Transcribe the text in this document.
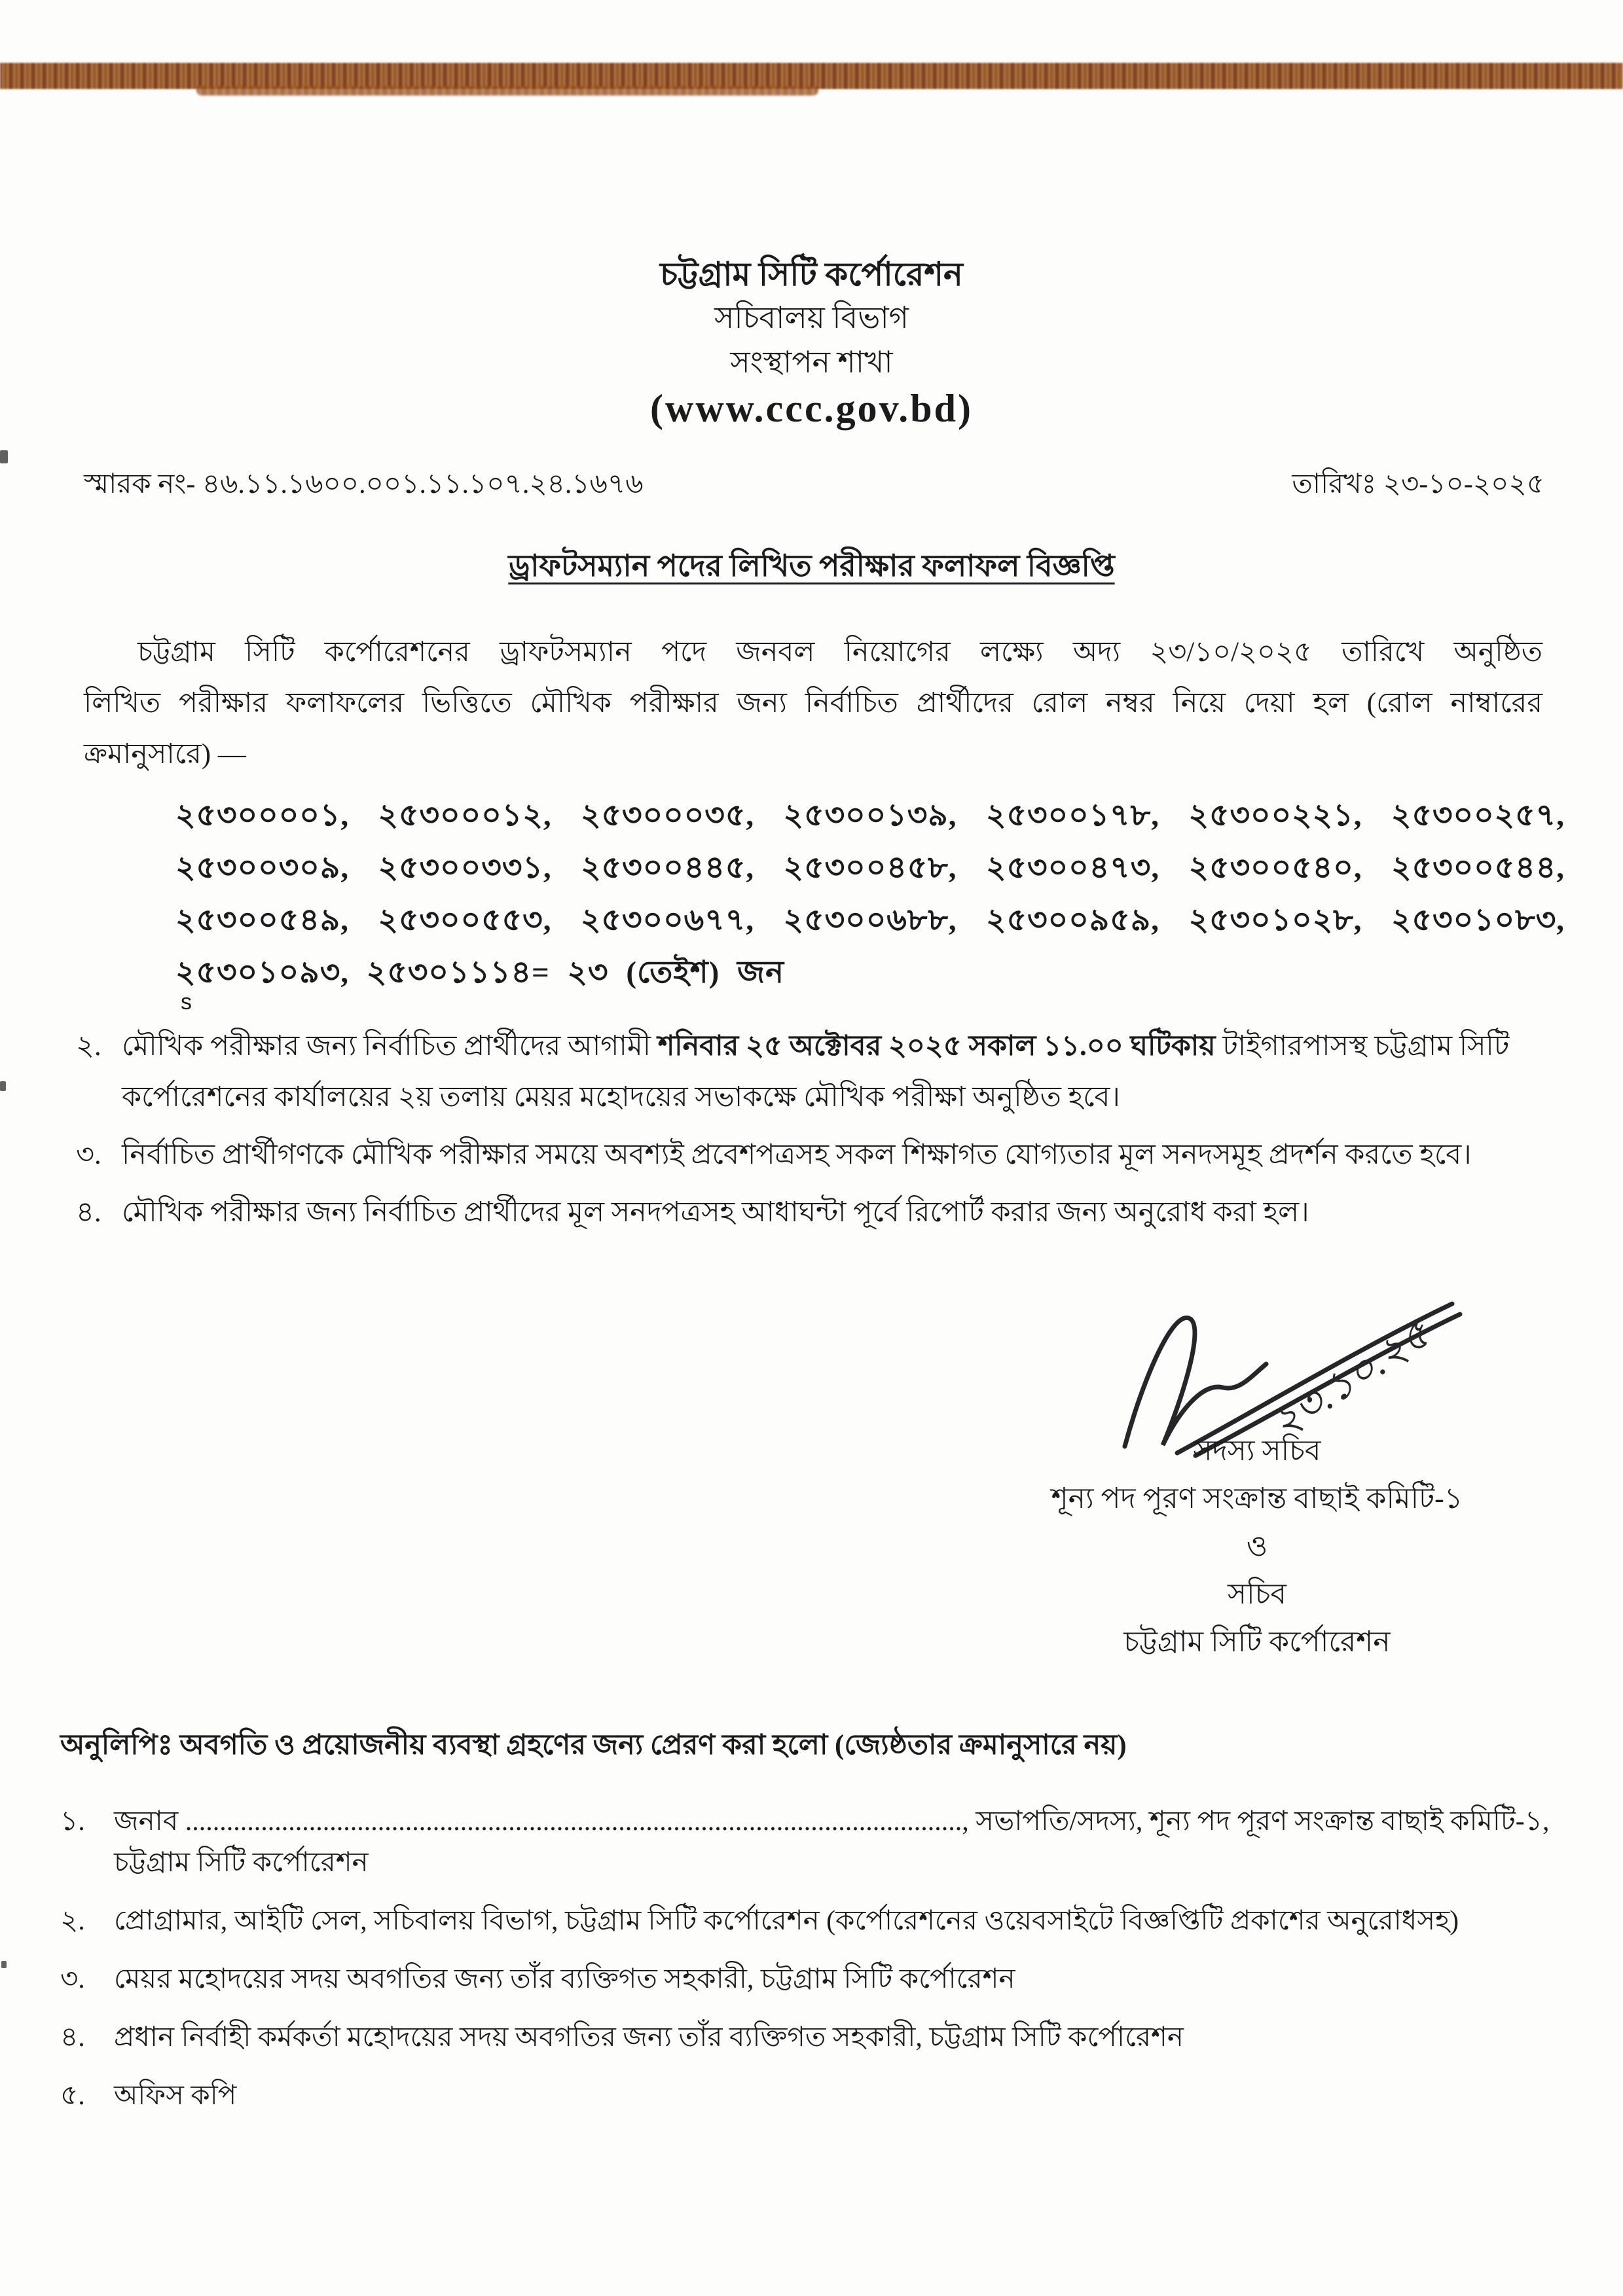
চট্টগ্রাম সিটি কর্পোরেশন
সচিবালয় বিভাগ
সংস্থাপন শাখা
(www.ccc.gov.bd)
স্মারক নং- ৪৬.১১.১৬০০.০০১.১১.১০৭.২৪.১৬৭৬	তারিখঃ ২৩-১০-২০২৫
ড্রাফটসম্যান পদের লিখিত পরীক্ষার ফলাফল বিজ্ঞপ্তি
চট্টগ্রাম সিটি কর্পোরেশনের ড্রাফটসম্যান পদে জনবল নিয়োগের লক্ষ্যে অদ্য ২৩/১০/২০২৫ তারিখে অনুষ্ঠিত
লিখিত পরীক্ষার ফলাফলের ভিত্তিতে মৌখিক পরীক্ষার জন্য নির্বাচিত প্রার্থীদের রোল নম্বর নিয়ে দেয়া হল (রোল নাম্বারের
ক্রমানুসারে) —
২৫৩০০০০১, ২৫৩০০০১২, ২৫৩০০০৩৫, ২৫৩০০১৩৯, ২৫৩০০১৭৮, ২৫৩০০২২১, ২৫৩০০২৫৭,
২৫৩০০৩০৯, ২৫৩০০৩৩১, ২৫৩০০৪৪৫, ২৫৩০০৪৫৮, ২৫৩০০৪৭৩, ২৫৩০০৫৪০, ২৫৩০০৫৪৪,
২৫৩০০৫৪৯, ২৫৩০০৫৫৩, ২৫৩০০৬৭৭, ২৫৩০০৬৮৮, ২৫৩০০৯৫৯, ২৫৩০১০২৮, ২৫৩০১০৮৩,
২৫৩০১০৯৩, ২৫৩০১১১৪= ২৩ (তেইশ) জন
s
২. মৌখিক পরীক্ষার জন্য নির্বাচিত প্রার্থীদের আগামী শনিবার ২৫ অক্টোবর ২০২৫ সকাল ১১.০০ ঘটিকায় টাইগারপাসস্থ চট্টগ্রাম সিটি কর্পোরেশনের কার্যালয়ের ২য় তলায় মেয়র মহোদয়ের সভাকক্ষে মৌখিক পরীক্ষা অনুষ্ঠিত হবে।
৩. নির্বাচিত প্রার্থীগণকে মৌখিক পরীক্ষার সময়ে অবশ্যই প্রবেশপত্রসহ সকল শিক্ষাগত যোগ্যতার মূল সনদসমূহ প্রদর্শন করতে হবে।
৪. মৌখিক পরীক্ষার জন্য নির্বাচিত প্রার্থীদের মূল সনদপত্রসহ আধাঘন্টা পূর্বে রিপোর্ট করার জন্য অনুরোধ করা হল।
২৩.১০.২৫
সদস্য সচিব
শূন্য পদ পূরণ সংক্রান্ত বাছাই কমিটি-১
ও
সচিব
চট্টগ্রাম সিটি কর্পোরেশন
অনুলিপিঃ অবগতি ও প্রয়োজনীয় ব্যবস্থা গ্রহণের জন্য প্রেরণ করা হলো (জ্যেষ্ঠতার ক্রমানুসারে নয়)
১.	জনাব ................................................................................................................., সভাপতি/সদস্য, শূন্য পদ পূরণ সংক্রান্ত বাছাই কমিটি-১, চট্টগ্রাম সিটি কর্পোরেশন
২.	প্রোগ্রামার, আইটি সেল, সচিবালয় বিভাগ, চট্টগ্রাম সিটি কর্পোরেশন (কর্পোরেশনের ওয়েবসাইটে বিজ্ঞপ্তিটি প্রকাশের অনুরোধসহ)
৩.	মেয়র মহোদয়ের সদয় অবগতির জন্য তাঁর ব্যক্তিগত সহকারী, চট্টগ্রাম সিটি কর্পোরেশন
৪.	প্রধান নির্বাহী কর্মকর্তা মহোদয়ের সদয় অবগতির জন্য তাঁর ব্যক্তিগত সহকারী, চট্টগ্রাম সিটি কর্পোরেশন
৫.	অফিস কপি
